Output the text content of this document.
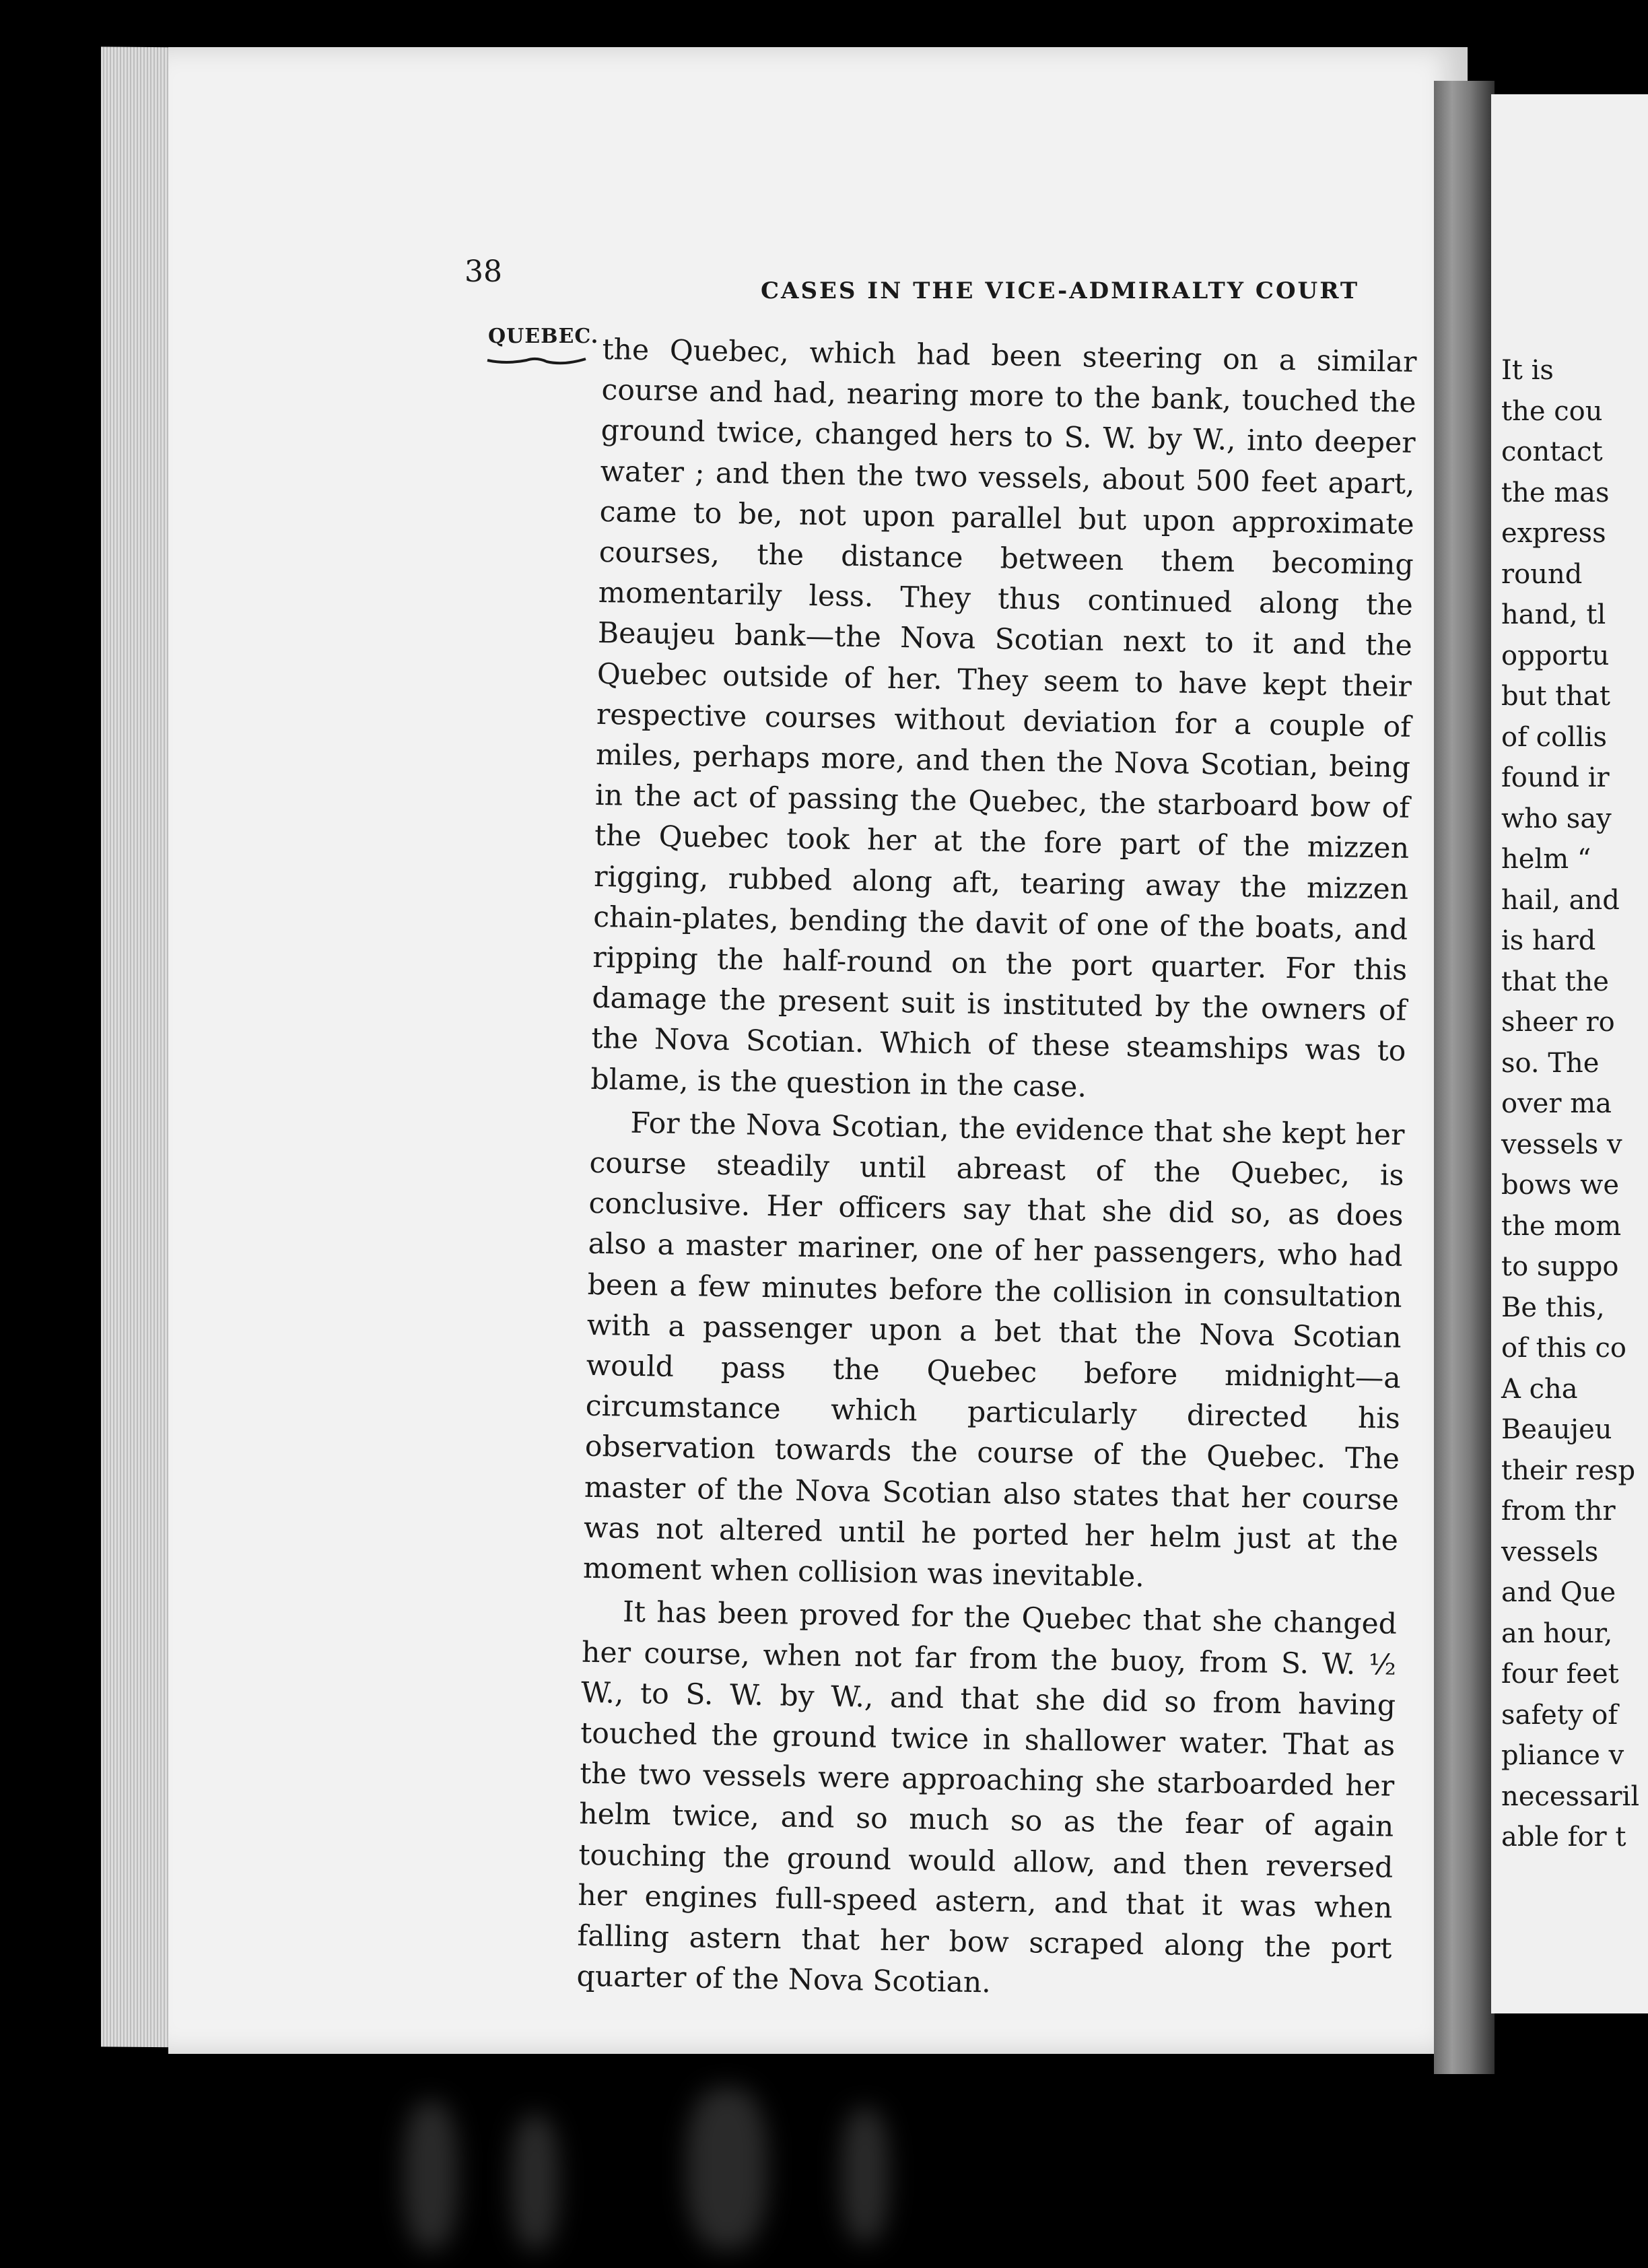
38
CASES IN THE VICE-ADMIRALTY COURT
QUEBEC. the Quebec, which had been steering on a similar course and had, nearing more to the bank, touched the ground twice, changed hers to S. W. by W., into deeper water ; and then the two vessels, about 500 feet apart, came to be, not upon parallel but upon approximate courses, the distance between them becoming momentarily less. They thus continued along the Beaujeu bank—the Nova Scotian next to it and the Quebec outside of her. They seem to have kept their respective courses without deviation for a couple of miles, perhaps more, and then the Nova Scotian, being in the act of passing the Quebec, the starboard bow of the Quebec took her at the fore part of the mizzen rigging, rubbed along aft, tearing away the mizzen chain-plates, bending the davit of one of the boats, and ripping the half-round on the port quarter. For this damage the present suit is instituted by the owners of the Nova Scotian. Which of these steamships was to blame, is the question in the case.

For the Nova Scotian, the evidence that she kept her course steadily until abreast of the Quebec, is conclusive. Her officers say that she did so, as does also a master mariner, one of her passengers, who had been a few minutes before the collision in consultation with a passenger upon a bet that the Nova Scotian would pass the Quebec before midnight—a circumstance which particularly directed his observation towards the course of the Quebec. The master of the Nova Scotian also states that her course was not altered until he ported her helm just at the moment when collision was inevitable.

It has been proved for the Quebec that she changed her course, when not far from the buoy, from S. W. ½ W., to S. W. by W., and that she did so from having touched the ground twice in shallower water. That as the two vessels were approaching she starboarded her helm twice, and so much so as the fear of again touching the ground would allow, and then reversed her engines full-speed astern, and that it was when falling astern that her bow scraped along the port quarter of the Nova Scotian.

It is
the cou
contact
the mas
express
round
hand, tl
opportu
but that
of collis
found ir
who say
helm “
hail, and
is hard
that the
sheer ro
so. The
over ma
vessels v
bows we
the mom
to suppo
Be this,
of this co
A cha
Beaujeu
their resp
from thr
vessels
and Que
an hour,
four feet
safety of
pliance v
necessaril
able for t
